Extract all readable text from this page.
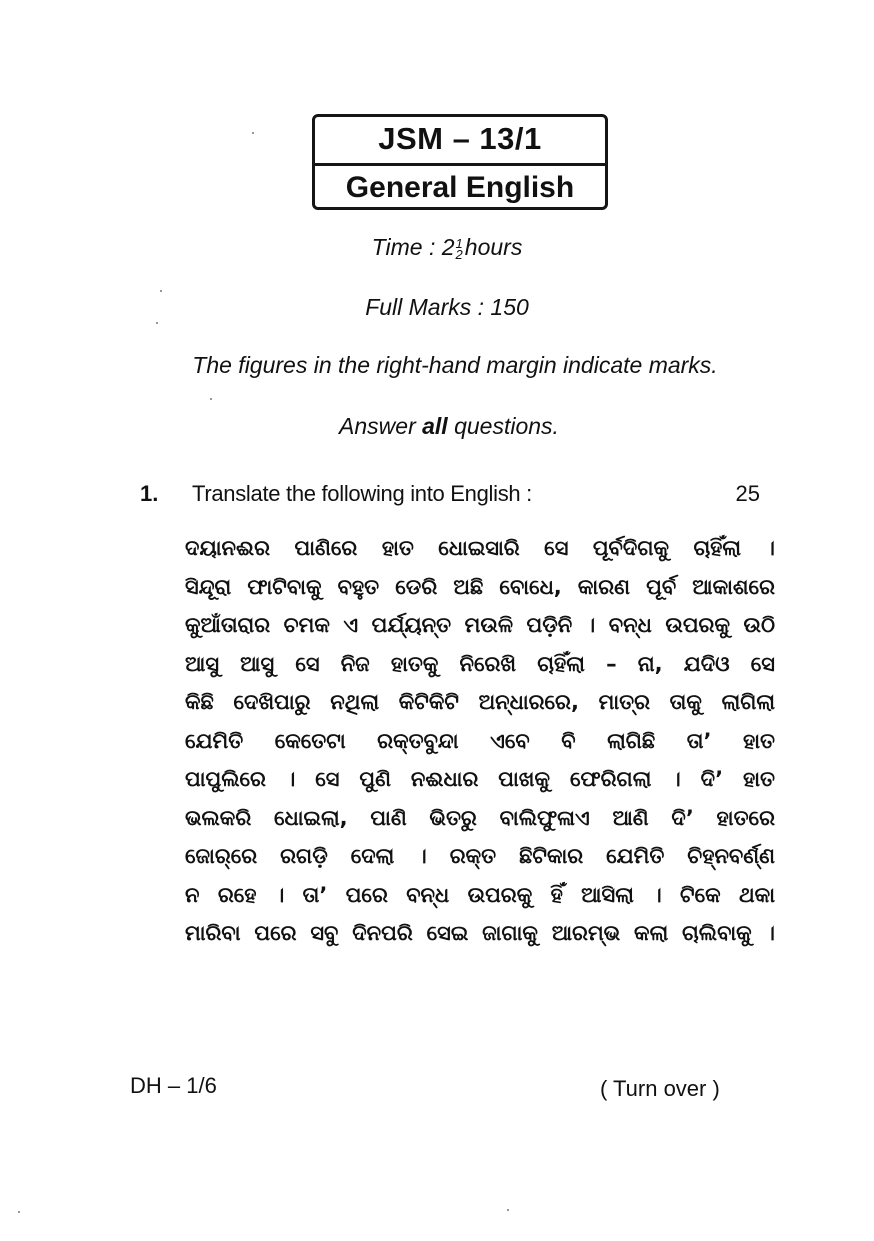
JSM – 13/1
General English
Time : 2 1
2 hours
Full Marks : 150
The figures in the right-hand margin indicate marks.
Answer all questions.
1. Translate the following into English :	25
ଦୟାନଈର ପାଣିରେ ହାତ ଧୋଇସାରି ସେ ପୂର୍ବଦିଗକୁ ଚାହିଁଲା ।
ସିନ୍ଦୂରା ଫାଟିବାକୁ ବହୁତ ଡେରି ଅଛି ବୋଧେ, କାରଣ ପୂର୍ବ ଆକାଶରେ
କୁଆଁତାରାର ଚମକ ଏ ପର୍ଯ୍ୟନ୍ତ ମଉଳି ପଡ଼ିନି । ବନ୍ଧ ଉପରକୁ ଉଠି
ଆସୁ ଆସୁ ସେ ନିଜ ହାତକୁ ନିରେଖି ଚାହିଁଲା – ନା, ଯଦିଓ ସେ
କିଛି ଦେଖିପାରୁ ନଥିଲା କିଟିକିଟି ଅନ୍ଧାରରେ, ମାତ୍ର ତାକୁ ଲାଗିଲା
ଯେମିତି କେତେଟା ରକ୍ତବୁନ୍ଦା ଏବେ ବି ଲାଗିଛି ତା’ ହାତ
ପାପୁଲିରେ । ସେ ପୁଣି ନଈଧାର ପାଖକୁ ଫେରିଗଲା । ଦି’ ହାତ
ଭଲକରି ଧୋଇଲା, ପାଣି ଭିତରୁ ବାଲିଫୁଳାଏ ଆଣି ଦି’ ହାତରେ
ଜୋର୍‌ରେ ରଗଡ଼ି ଦେଲା । ରକ୍ତ ଛିଟିକାର ଯେମିତି ଚିହ୍ନବର୍ଣ୍ଣ
ନ ରହେ । ତା’ ପରେ ବନ୍ଧ ଉପରକୁ ହିଁ ଆସିଲା । ଟିକେ ଥକା
ମାରିବା ପରେ ସବୁ ଦିନପରି ସେଇ ଜାଗାକୁ ଆରମ୍ଭ କଲା ଚାଲିବାକୁ ।
DH – 1/6	( Turn over )
